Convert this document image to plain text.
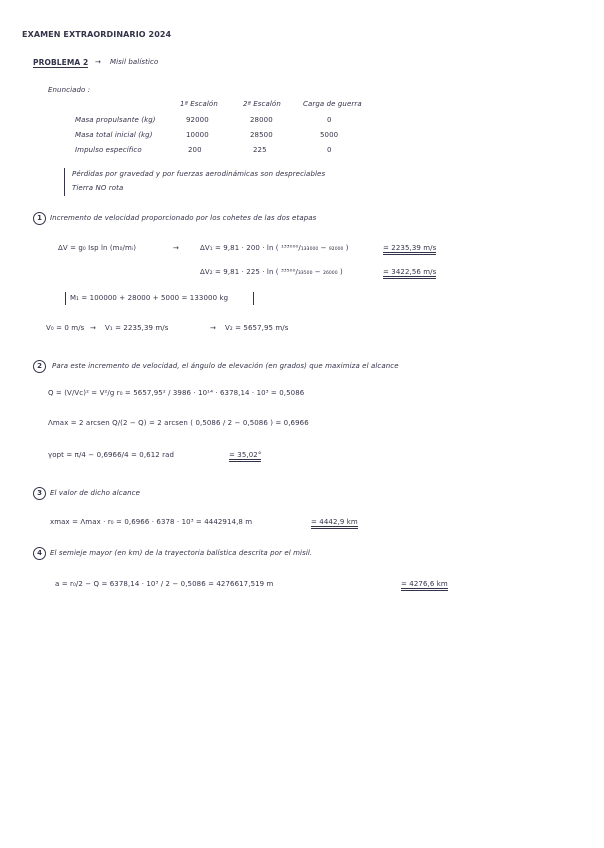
EXAMEN EXTRAORDINARIO 2024
PROBLEMA 2 → Misil balístico
Enunciado :
1ª Escalón	2ª Escalón	Carga de guerra
Masa propulsante (kg)	92000	28000	0
Masa total inicial (kg)	10000	28500	5000
Impulso específico	200	225	0
Pérdidas por gravedad y por fuerzas aerodinámicas son despreciables
Tierra NO rota
1	Incremento de velocidad proporcionado por los cohetes de las dos etapas
ΔV = g₀ Isp ln (m₀/mᵢ)	→	ΔV₁ = 9,81 · 200 · ln ( ¹³³⁰⁰⁰/₁₃₃₀₀₀ − ₉₂₀₀₀ )	= 2235,39 m/s
ΔV₂ = 9,81 · 225 · ln ( ³³⁵⁰⁰/₃₃₅₀₀ − ₂₆₀₀₀ )	= 3422,56 m/s
M₁ = 100000 + 28000 + 5000 = 133000 kg
V₀ = 0 m/s → V₁ = 2235,39 m/s	→ V₂ = 5657,95 m/s
2	Para este incremento de velocidad, el ángulo de elevación (en grados) que maximiza el alcance
Q = (V/Vc)² = V²/g r₀ = 5657,95² / 3986 · 10¹⁴ · 6378,14 · 10³ = 0,5086
Λmax = 2 arcsen Q/(2 − Q) = 2 arcsen ( 0,5086 / 2 − 0,5086 ) = 0,6966
γopt = π/4 − 0,6966/4 = 0,612 rad	= 35,02°
3	El valor de dicho alcance
xmax = Λmax · r₀ = 0,6966 · 6378 · 10³ = 4442914,8 m	= 4442,9 km
4	El semieje mayor (en km) de la trayectoria balística descrita por el misil.
a = r₀/2 − Q = 6378,14 · 10³ / 2 − 0,5086 = 4276617,519 m	= 4276,6 km
